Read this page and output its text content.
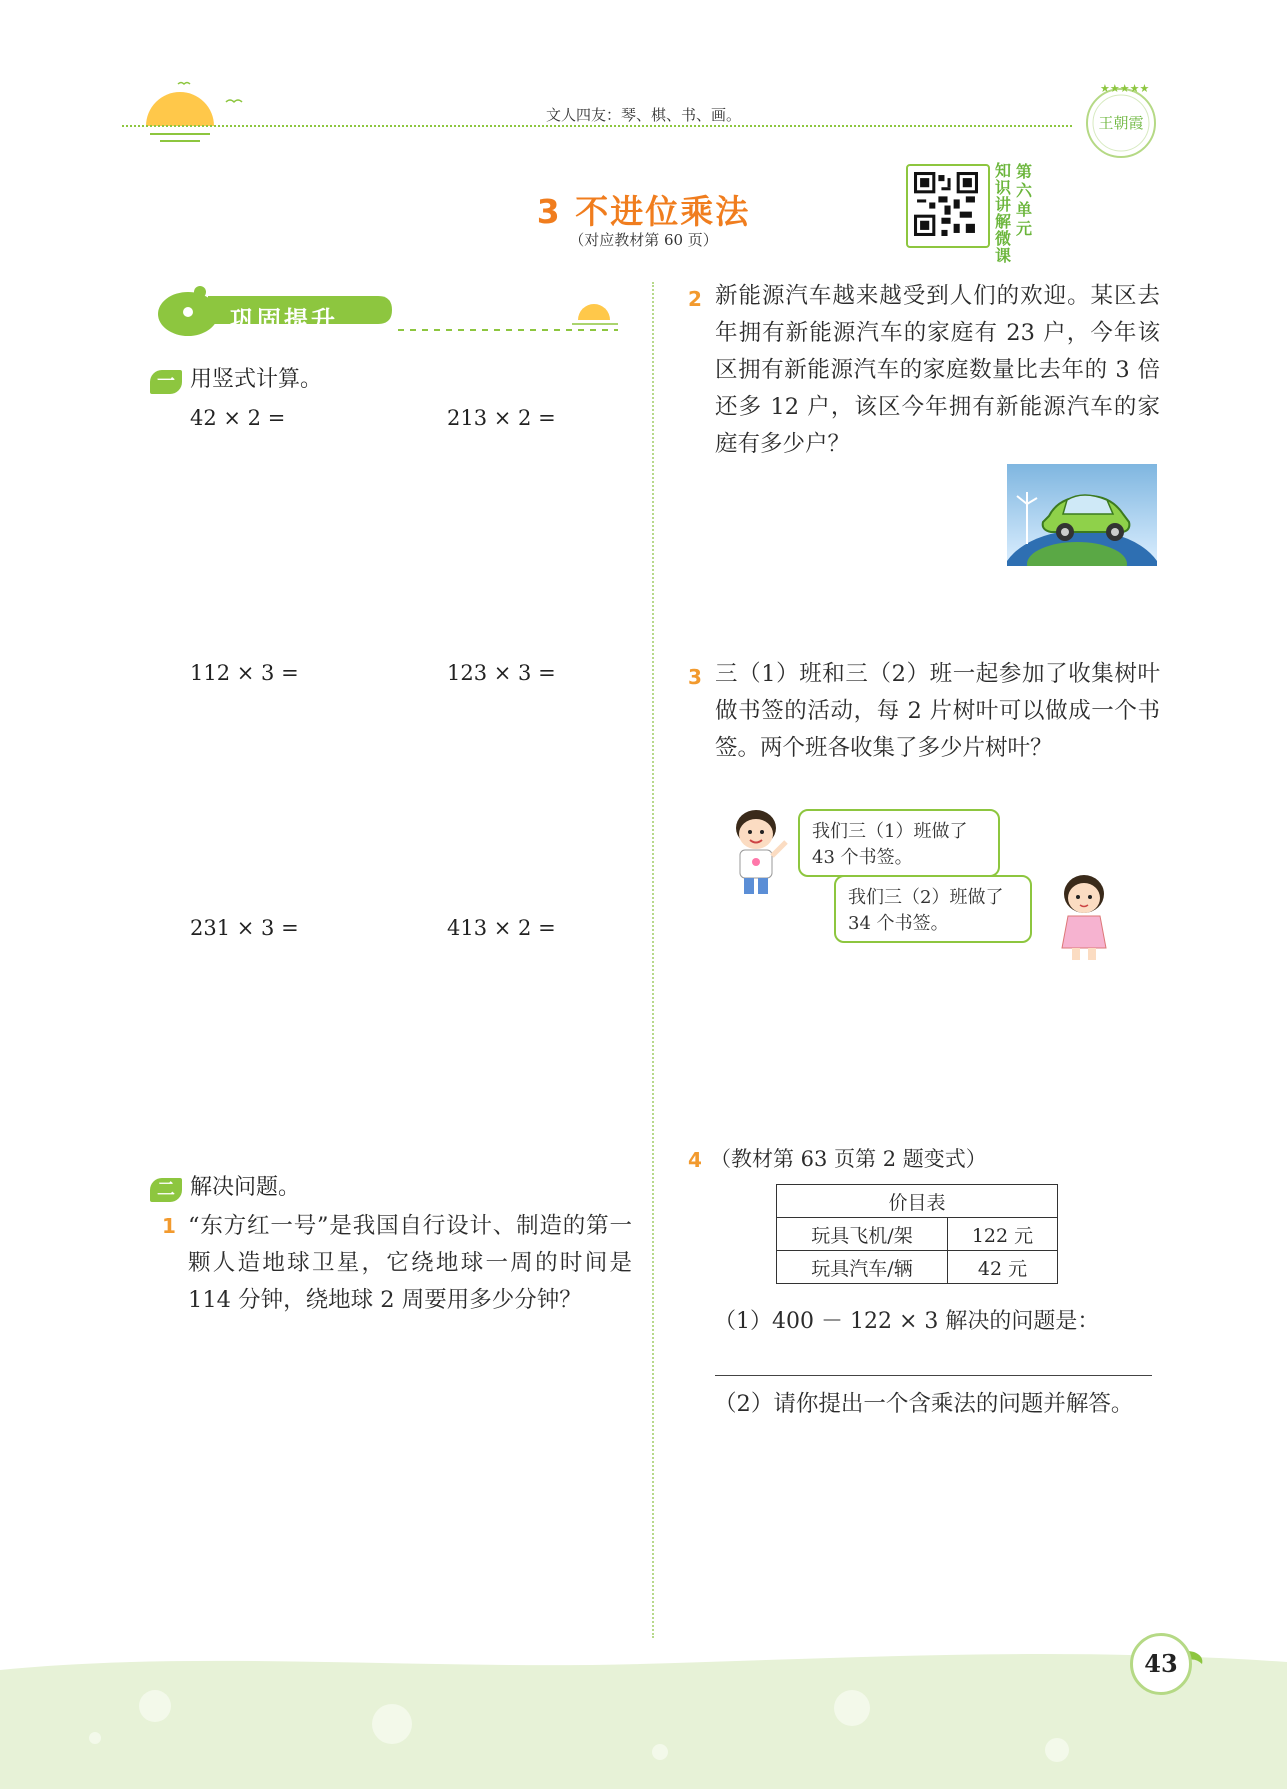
文人四友：琴、棋、书、画。
★★★★★
王朝霞
3 不进位乘法
（对应教材第 60 页）
知识讲解微课
第六单元
巩固提升
一 用竖式计算。
42 × 2 =	213 × 2 =
112 × 3 =	123 × 3 =
231 × 3 =	413 × 2 =
二 解决问题。
1 “东方红一号”是我国自行设计、制造的第一颗人造地球卫星，它绕地球一周的时间是 114 分钟，绕地球 2 周要用多少分钟？
2 新能源汽车越来越受到人们的欢迎。某区去年拥有新能源汽车的家庭有 23 户，今年该区拥有新能源汽车的家庭数量比去年的 3 倍还多 12 户，该区今年拥有新能源汽车的家庭有多少户？
3 三（1）班和三（2）班一起参加了收集树叶做书签的活动，每 2 片树叶可以做成一个书签。两个班各收集了多少片树叶？
我们三（1）班做了 43 个书签。
我们三（2）班做了 34 个书签。
4 （教材第 63 页第 2 题变式）
价目表	
玩具飞机/架	122 元
玩具汽车/辆	42 元
（1）400 － 122 × 3 解决的问题是：
（2）请你提出一个含乘法的问题并解答。
43
